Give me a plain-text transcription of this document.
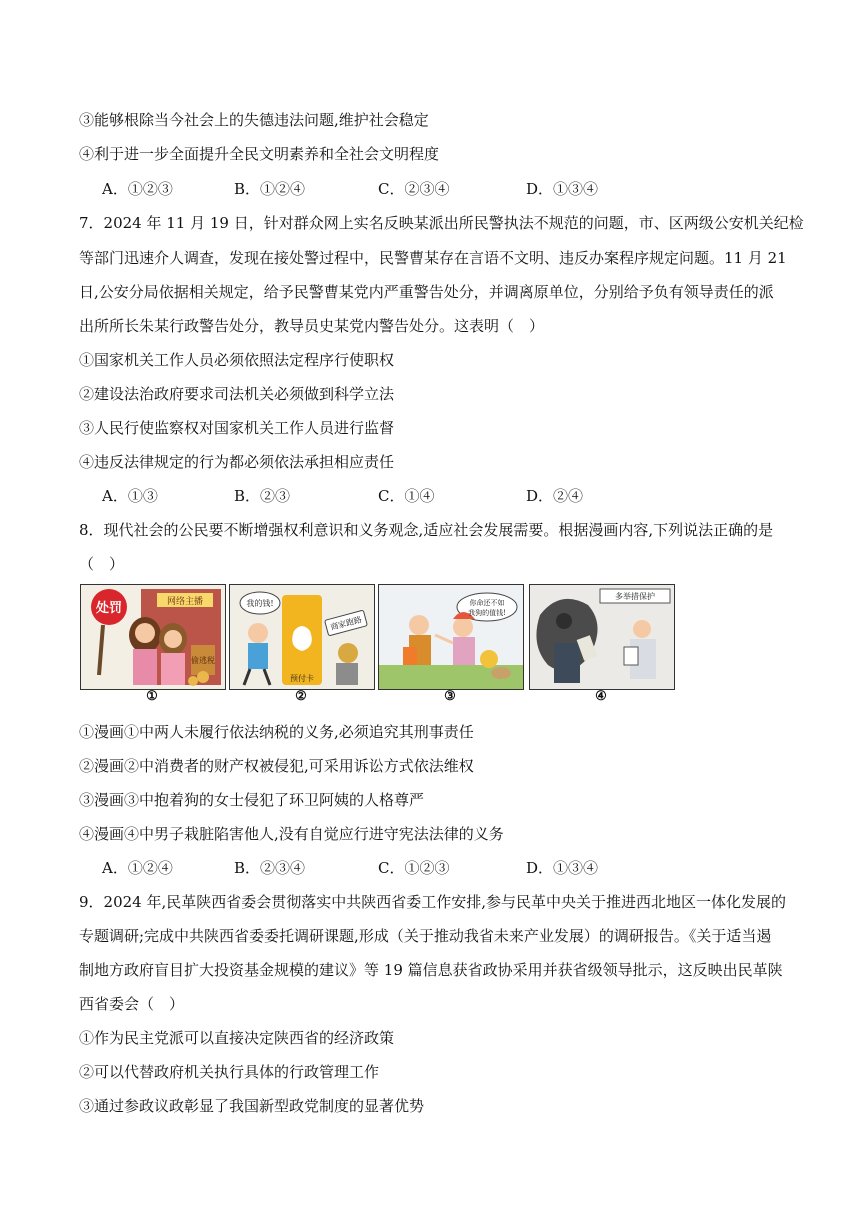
③能够根除当今社会上的失德违法问题,维护社会稳定
④利于进一步全面提升全民文明素养和全社会文明程度
A．①②③	B．①②④	C．②③④	D．①③④
7．2024 年 11 月 19 日，针对群众网上实名反映某派出所民警执法不规范的问题，市、区两级公安机关纪检
等部门迅速介人调查，发现在接处警过程中，民警曹某存在言语不文明、违反办案程序规定问题。11 月 21
日,公安分局依据相关规定，给予民警曹某党内严重警告处分，并调离原单位，分别给予负有领导责任的派
出所所长朱某行政警告处分，教导员史某党内警告处分。这表明（　）
①国家机关工作人员必须依照法定程序行使职权
②建设法治政府要求司法机关必须做到科学立法
③人民行使监察权对国家机关工作人员进行监督
④违反法律规定的行为都必须依法承担相应责任
A．①③	B．②③	C．①④	D．②④
8．现代社会的公民要不断增强权利意识和义务观念,适应社会发展需要。根据漫画内容,下列说法正确的是
（　）
处罚	网络主播
偷逃税
①
我的钱!
商家跑路
预付卡
②
你命还不如
我狗的值钱!
③
多举措保护
④
①漫画①中两人未履行依法纳税的义务,必须追究其刑事责任
②漫画②中消费者的财产权被侵犯,可采用诉讼方式依法维权
③漫画③中抱着狗的女士侵犯了环卫阿姨的人格尊严
④漫画④中男子栽脏陷害他人,没有自觉应行进守宪法法律的义务
A．①②④	B．②③④	C．①②③	D．①③④
9．2024 年,民革陕西省委会贯彻落实中共陕西省委工作安排,参与民革中央关于推进西北地区一体化发展的
专题调研;完成中共陕西省委委托调研课题,形成（关于推动我省未来产业发展）的调研报告。《关于适当遏
制地方政府盲目扩大投资基金规模的建议》等 19 篇信息获省政协采用并获省级领导批示，这反映出民革陕
西省委会（　）
①作为民主党派可以直接决定陕西省的经济政策
②可以代替政府机关执行具体的行政管理工作
③通过参政议政彰显了我国新型政党制度的显著优势
